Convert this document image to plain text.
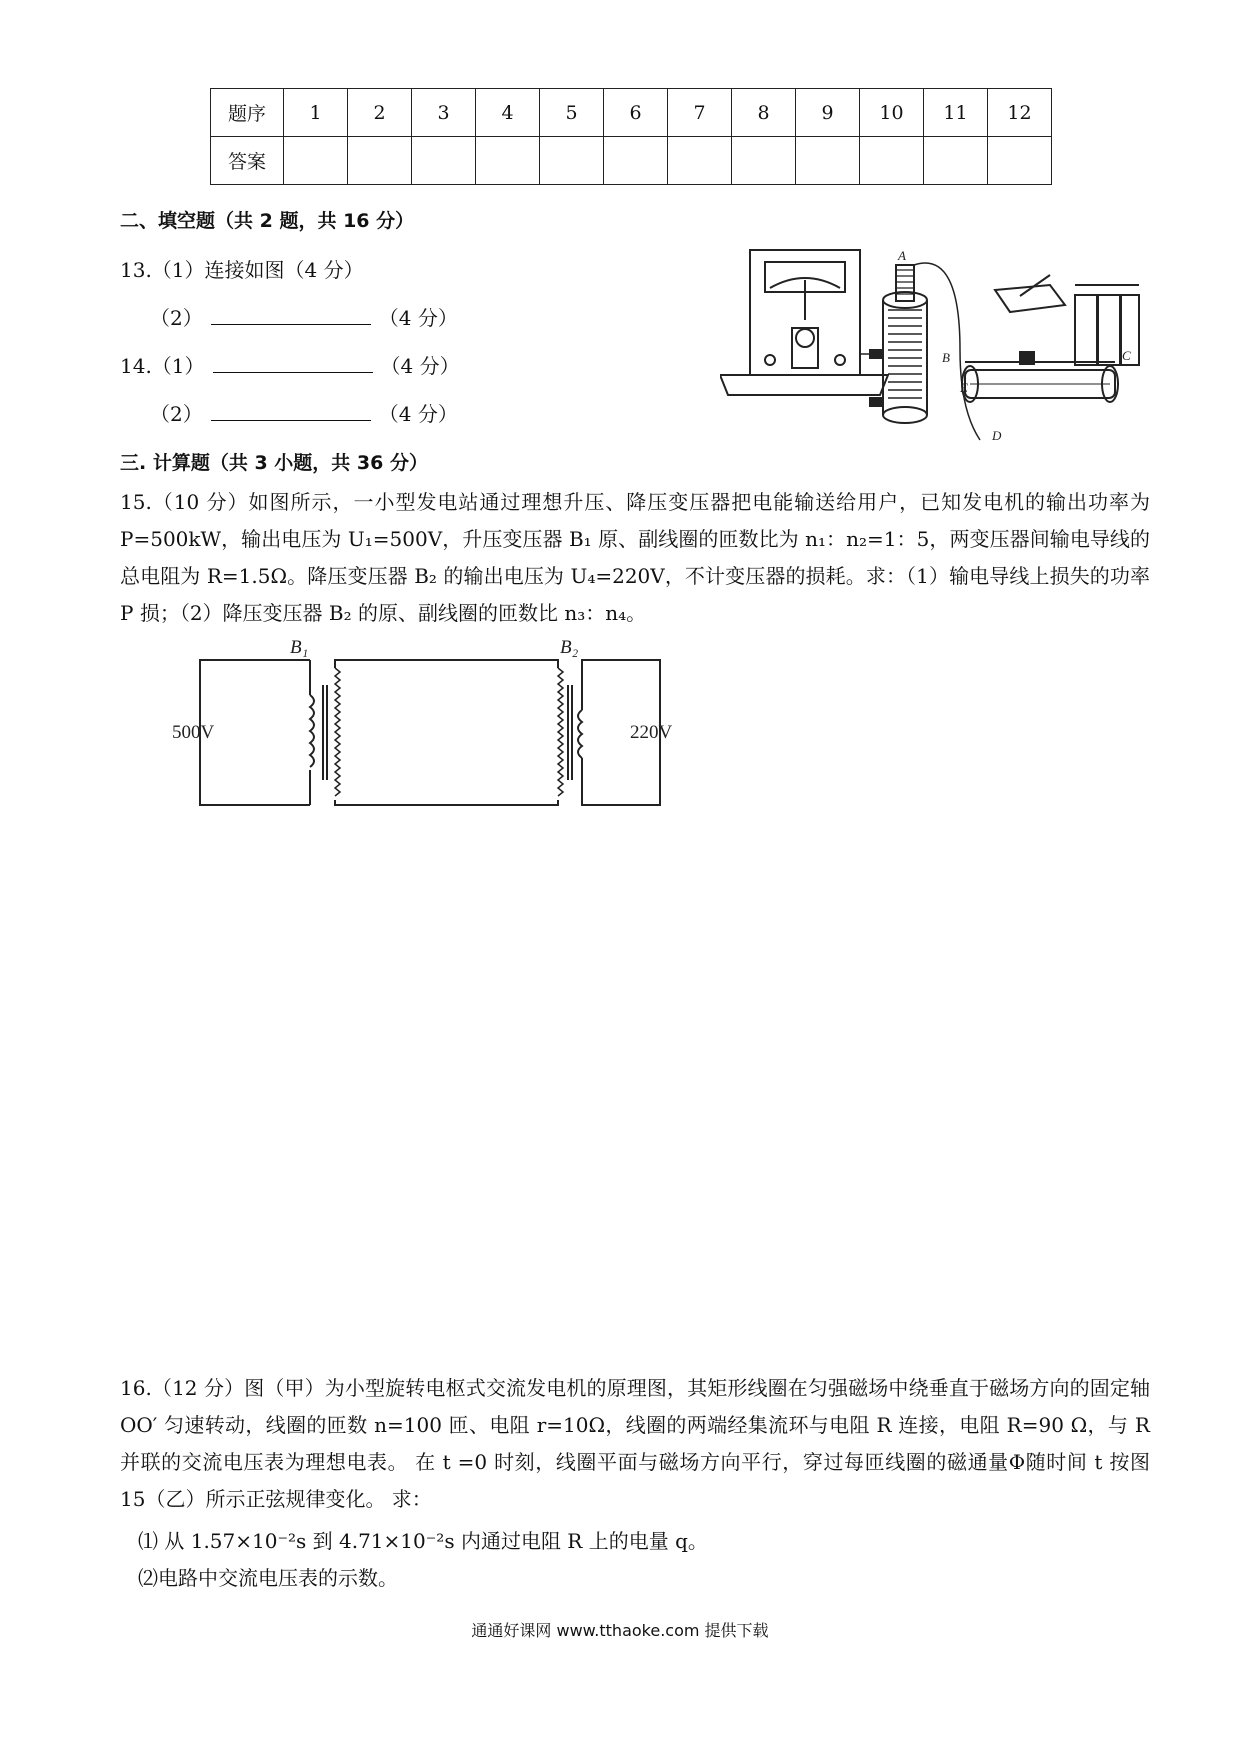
题序	1	2	3	4	5	6	7	8	9	10	11	12
答案												
二、填空题（共 2 题，共 16 分）
13.（1）连接如图（4 分）
（2）	（4 分）
14.（1）	（4 分）
（2）	（4 分）
A
B	C
D
E
三. 计算题（共 3 小题，共 36 分）
15.（10 分）如图所示，一小型发电站通过理想升压、降压变压器把电能输送给用户，已知发电机的输出功率为 P=500kW，输出电压为 U₁=500V，升压变压器 B₁ 原、副线圈的匝数比为 n₁：n₂=1：5，两变压器间输电导线的总电阻为 R=1.5Ω。降压变压器 B₂ 的输出电压为 U₄=220V，不计变压器的损耗。求：（1）输电导线上损失的功率 P 损；（2）降压变压器 B₂ 的原、副线圈的匝数比 n₃：n₄。
B₁	B₂
500V	220V
16.（12 分）图（甲）为小型旋转电枢式交流发电机的原理图，其矩形线圈在匀强磁场中绕垂直于磁场方向的固定轴 OO′ 匀速转动，线圈的匝数 n=100 匝、电阻 r=10Ω，线圈的两端经集流环与电阻 R 连接，电阻 R=90 Ω，与 R 并联的交流电压表为理想电表。 在 t =0 时刻，线圈平面与磁场方向平行，穿过每匝线圈的磁通量Φ随时间 t 按图 15（乙）所示正弦规律变化。 求：
⑴ 从 1.57×10⁻²s 到 4.71×10⁻²s 内通过电阻 R 上的电量 q。
⑵电路中交流电压表的示数。
通通好课网 www.tthaoke.com 提供下载
